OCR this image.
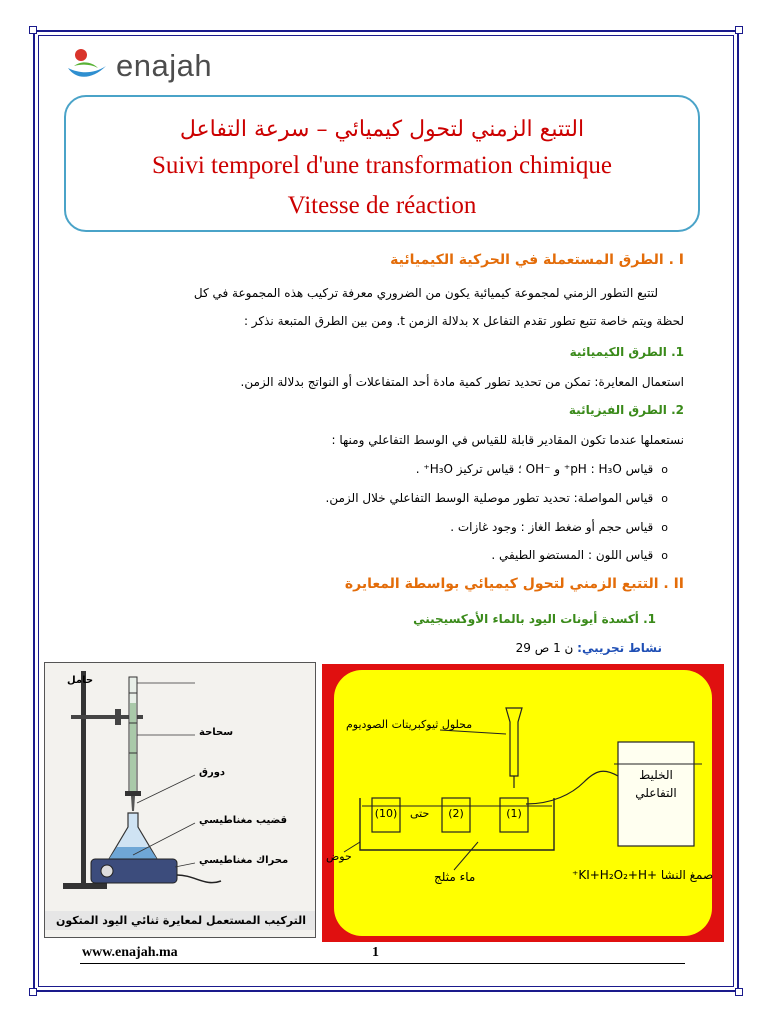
enajah
التتبع الزمني لتحول كيميائي – سرعة التفاعل
Suivi temporel d'une transformation chimique
Vitesse de réaction
I . الطرق المستعملة في الحركية الكيميائية
لتتبع التطور الزمني لمجموعة كيميائية يكون من الضروري معرفة تركيب هذه المجموعة في كل
لحظة ويتم خاصة تتبع تطور تقدم التفاعل x بدلالة الزمن t. ومن بين الطرق المتبعة نذكر :
1. الطرق الكيميائية
استعمال المعايرة: تمكن من تحديد تطور كمية مادة أحد المتفاعلات أو النواتج بدلالة الزمن.
2. الطرق الفيزيائية
نستعملها عندما تكون المقادير قابلة للقياس في الوسط التفاعلي ومنها :
oقياس pH : H₃O⁺ و ⁻OH ؛ قياس تركيز H₃O⁺ .
oقياس المواصلة: تحديد تطور موصلية الوسط التفاعلي خلال الزمن.
oقياس حجم أو ضغط الغاز : وجود غازات .
oقياس اللون : المستضو الطيفي .
II . التتبع الزمني لتحول كيميائي بواسطة المعايرة
1. أكسدة أيونات اليود بالماء الأوكسيجيني
نشاط تجريبي: ن 1 ص 29
حامل
سحاحة
دورق
قضيب مغناطيسي
محراك مغناطيسي
التركيب المستعمل لمعايرة ثنائي اليود المتكون
محلول ثيوكبريتات الصوديوم
الخليط
التفاعلي
(10) حتى	(2)	(1)
حوض
ماء مثلج	صمغ النشا +KI+H₂O₂+H⁺
www.enajah.ma	1
